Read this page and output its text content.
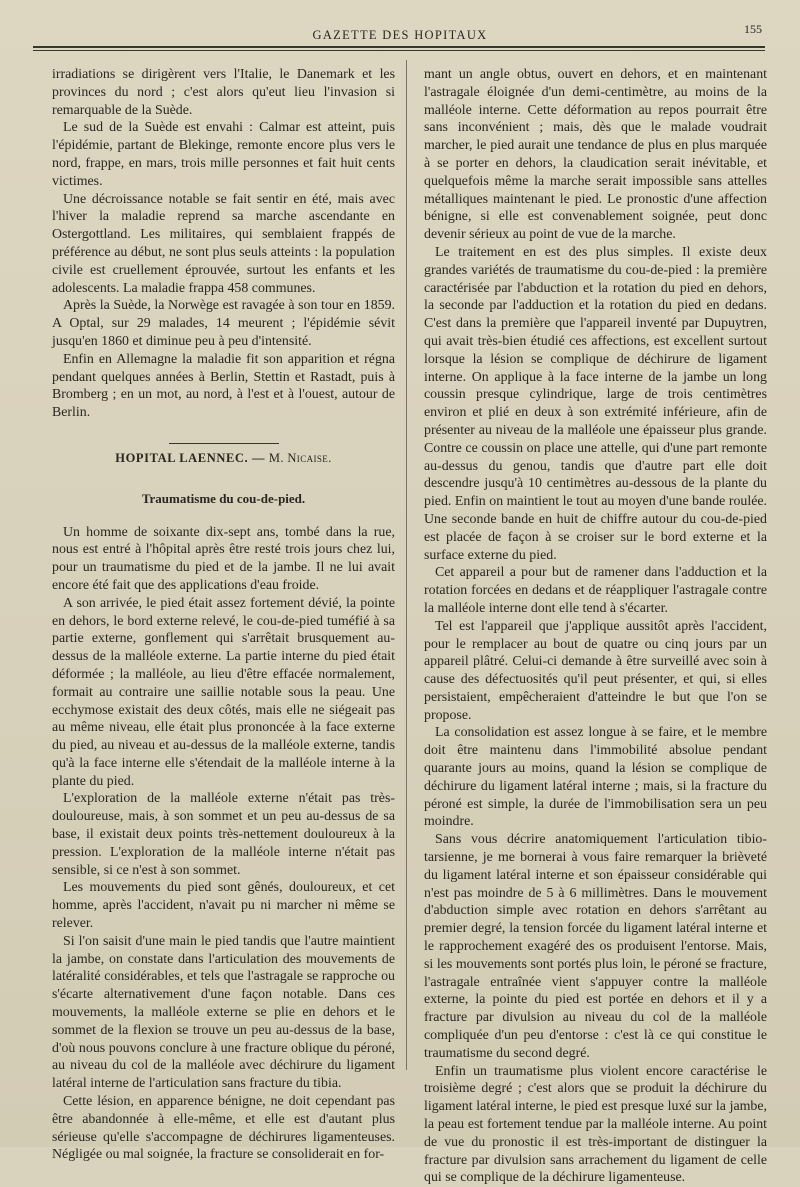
GAZETTE DES HOPITAUX	155

irradiations se dirigèrent vers l'Italie, le Danemark et les provinces du nord ; c'est alors qu'eut lieu l'invasion si remarquable de la Suède.

Le sud de la Suède est envahi : Calmar est atteint, puis l'épidémie, partant de Blekinge, remonte encore plus vers le nord, frappe, en mars, trois mille personnes et fait huit cents victimes.

Une décroissance notable se fait sentir en été, mais avec l'hiver la maladie reprend sa marche ascendante en Ostergottland. Les militaires, qui semblaient frappés de préférence au début, ne sont plus seuls atteints : la population civile est cruellement éprouvée, surtout les enfants et les adolescents. La maladie frappa 458 communes.

Après la Suède, la Norwège est ravagée à son tour en 1859. A Optal, sur 29 malades, 14 meurent ; l'épidémie sévit jusqu'en 1860 et diminue peu à peu d'intensité.

Enfin en Allemagne la maladie fit son apparition et régna pendant quelques années à Berlin, Stettin et Rastadt, puis à Bromberg ; en un mot, au nord, à l'est et à l'ouest, autour de Berlin.

HOPITAL LAENNEC. — M. Nicaise.
Traumatisme du cou-de-pied.

Un homme de soixante dix-sept ans, tombé dans la rue, nous est entré à l'hôpital après être resté trois jours chez lui, pour un traumatisme du pied et de la jambe. Il ne lui avait encore été fait que des applications d'eau froide.

A son arrivée, le pied était assez fortement dévié, la pointe en dehors, le bord externe relevé, le cou-de-pied tuméfié à sa partie externe, gonflement qui s'arrêtait brusquement au-dessus de la malléole externe. La partie interne du pied était déformée ; la malléole, au lieu d'être effacée normalement, formait au contraire une saillie notable sous la peau. Une ecchymose existait des deux côtés, mais elle ne siégeait pas au même niveau, elle était plus prononcée à la face externe du pied, au niveau et au-dessus de la malléole externe, tandis qu'à la face interne elle s'étendait de la malléole interne à la plante du pied.

L'exploration de la malléole externe n'était pas très-douloureuse, mais, à son sommet et un peu au-dessus de sa base, il existait deux points très-nettement douloureux à la pression. L'exploration de la malléole interne n'était pas sensible, si ce n'est à son sommet.

Les mouvements du pied sont gênés, douloureux, et cet homme, après l'accident, n'avait pu ni marcher ni même se relever.

Si l'on saisit d'une main le pied tandis que l'autre maintient la jambe, on constate dans l'articulation des mouvements de latéralité considérables, et tels que l'astragale se rapproche ou s'écarte alternativement d'une façon notable. Dans ces mouvements, la malléole externe se plie en dehors et le sommet de la flexion se trouve un peu au-dessus de la base, d'où nous pouvons conclure à une fracture oblique du péroné, au niveau du col de la malléole avec déchirure du ligament latéral interne de l'articulation sans fracture du tibia.

Cette lésion, en apparence bénigne, ne doit cependant pas être abandonnée à elle-même, et elle est d'autant plus sérieuse qu'elle s'accompagne de déchirures ligamenteuses. Négligée ou mal soignée, la fracture se consoliderait en for-

mant un angle obtus, ouvert en dehors, et en maintenant l'astragale éloignée d'un demi-centimètre, au moins de la malléole interne. Cette déformation au repos pourrait être sans inconvénient ; mais, dès que le malade voudrait marcher, le pied aurait une tendance de plus en plus marquée à se porter en dehors, la claudication serait inévitable, et quelquefois même la marche serait impossible sans attelles métalliques maintenant le pied. Le pronostic d'une affection bénigne, si elle est convenablement soignée, peut donc devenir sérieux au point de vue de la marche.

Le traitement en est des plus simples. Il existe deux grandes variétés de traumatisme du cou-de-pied : la première caractérisée par l'abduction et la rotation du pied en dehors, la seconde par l'adduction et la rotation du pied en dedans. C'est dans la première que l'appareil inventé par Dupuytren, qui avait très-bien étudié ces affections, est excellent surtout lorsque la lésion se complique de déchirure de ligament interne. On applique à la face interne de la jambe un long coussin presque cylindrique, large de trois centimètres environ et plié en deux à son extrémité inférieure, afin de présenter au niveau de la malléole une épaisseur plus grande. Contre ce coussin on place une attelle, qui d'une part remonte au-dessus du genou, tandis que d'autre part elle doit descendre jusqu'à 10 centimètres au-dessous de la plante du pied. Enfin on maintient le tout au moyen d'une bande roulée. Une seconde bande en huit de chiffre autour du cou-de-pied est placée de façon à se croiser sur le bord externe et la surface externe du pied.

Cet appareil a pour but de ramener dans l'adduction et la rotation forcées en dedans et de réappliquer l'astragale contre la malléole interne dont elle tend à s'écarter.

Tel est l'appareil que j'applique aussitôt après l'accident, pour le remplacer au bout de quatre ou cinq jours par un appareil plâtré. Celui-ci demande à être surveillé avec soin à cause des défectuosités qu'il peut présenter, et qui, si elles persistaient, empêcheraient d'atteindre le but que l'on se propose.

La consolidation est assez longue à se faire, et le membre doit être maintenu dans l'immobilité absolue pendant quarante jours au moins, quand la lésion se complique de déchirure du ligament latéral interne ; mais, si la fracture du péroné est simple, la durée de l'immobilisation sera un peu moindre.

Sans vous décrire anatomiquement l'articulation tibio-tarsienne, je me bornerai à vous faire remarquer la brièveté du ligament latéral interne et son épaisseur considérable qui n'est pas moindre de 5 à 6 millimètres. Dans le mouvement d'abduction simple avec rotation en dehors s'arrêtant au premier degré, la tension forcée du ligament latéral interne et le rapprochement exagéré des os produisent l'entorse. Mais, si les mouvements sont portés plus loin, le péroné se fracture, l'astragale entraînée vient s'appuyer contre la malléole externe, la pointe du pied est portée en dehors et il y a fracture par divulsion au niveau du col de la malléole compliquée d'un peu d'entorse : c'est là ce qui constitue le traumatisme du second degré.

Enfin un traumatisme plus violent encore caractérise le troisième degré ; c'est alors que se produit la déchirure du ligament latéral interne, le pied est presque luxé sur la jambe, la peau est fortement tendue par la malléole interne. Au point de vue du pronostic il est très-important de distinguer la fracture par divulsion sans arrachement du ligament de celle qui se complique de la déchirure ligamenteuse.
